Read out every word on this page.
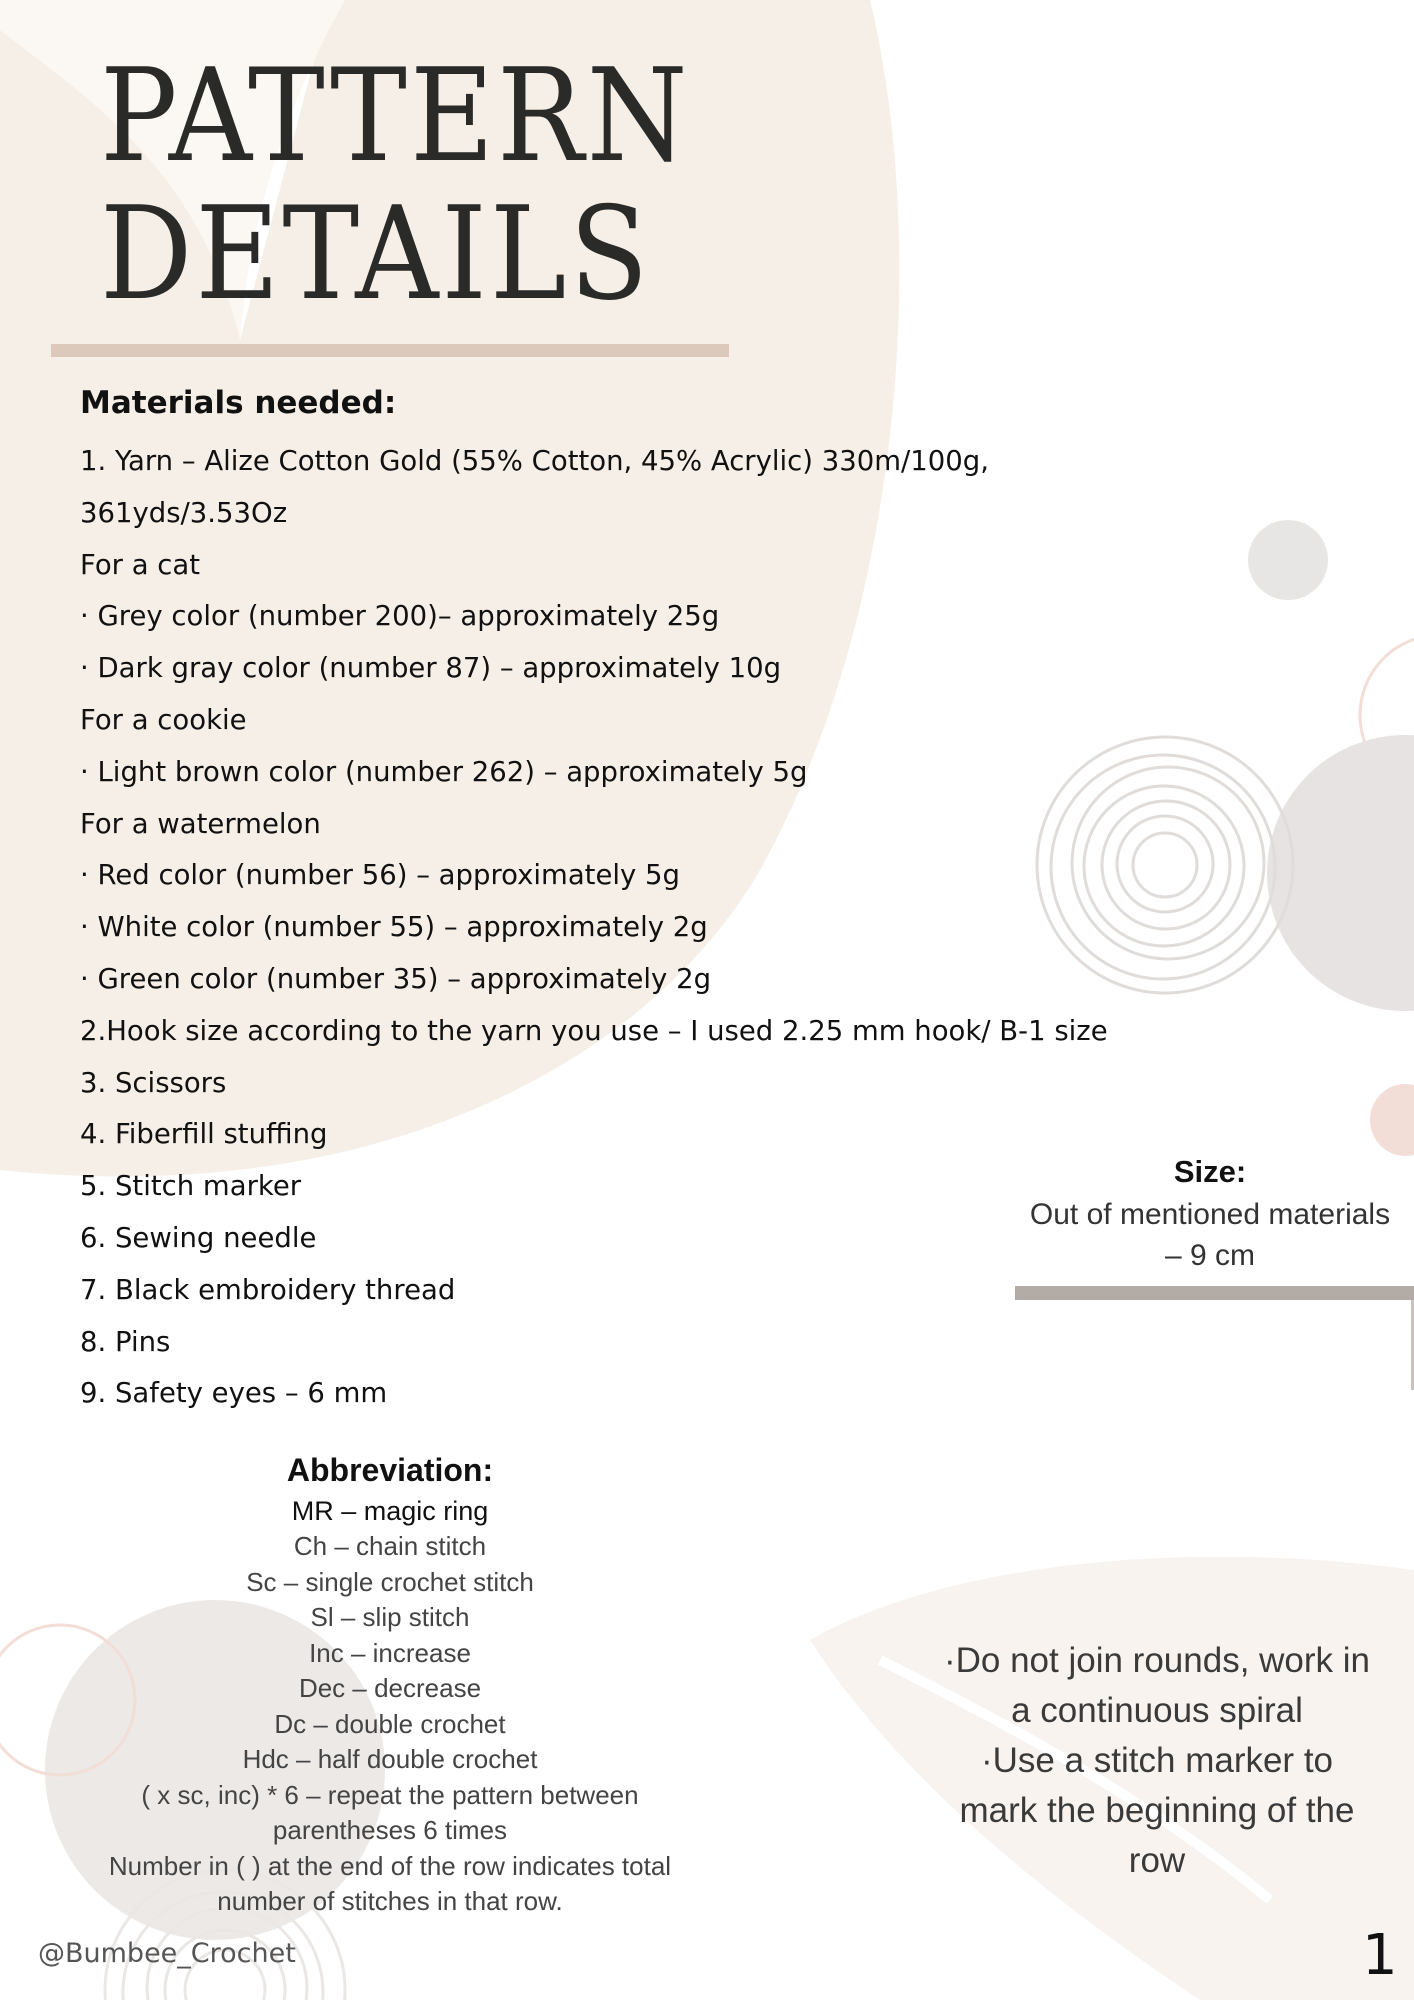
PATTERN
DETAILS
Materials needed:
1. Yarn – Alize Cotton Gold (55% Cotton, 45% Acrylic) 330m/100g,
361yds/3.53Oz
For a cat
· Grey color (number 200)– approximately 25g
· Dark gray color (number 87) – approximately 10g
For a cookie
· Light brown color (number 262) – approximately 5g
For a watermelon
· Red color (number 56) – approximately 5g
· White color (number 55) – approximately 2g
· Green color (number 35) – approximately 2g
2.Hook size according to the yarn you use – I used 2.25 mm hook/ B-1 size
3. Scissors
4. Fiberfill stuffing
5. Stitch marker
6. Sewing needle
7. Black embroidery thread
8. Pins
9. Safety eyes – 6 mm
Size:
Out of mentioned materials
– 9 cm
Abbreviation:
MR – magic ring
Ch – chain stitch
Sc – single crochet stitch
Sl – slip stitch
Inc – increase
Dec – decrease
Dc – double crochet
Hdc – half double crochet
( x sc, inc) * 6 – repeat the pattern between
parentheses 6 times
Number in ( ) at the end of the row indicates total
number of stitches in that row.

·Do not join rounds, work in

a continuous spiral

·Use a stitch marker to

mark the beginning of the

row

@Bumbee_Crochet	1
